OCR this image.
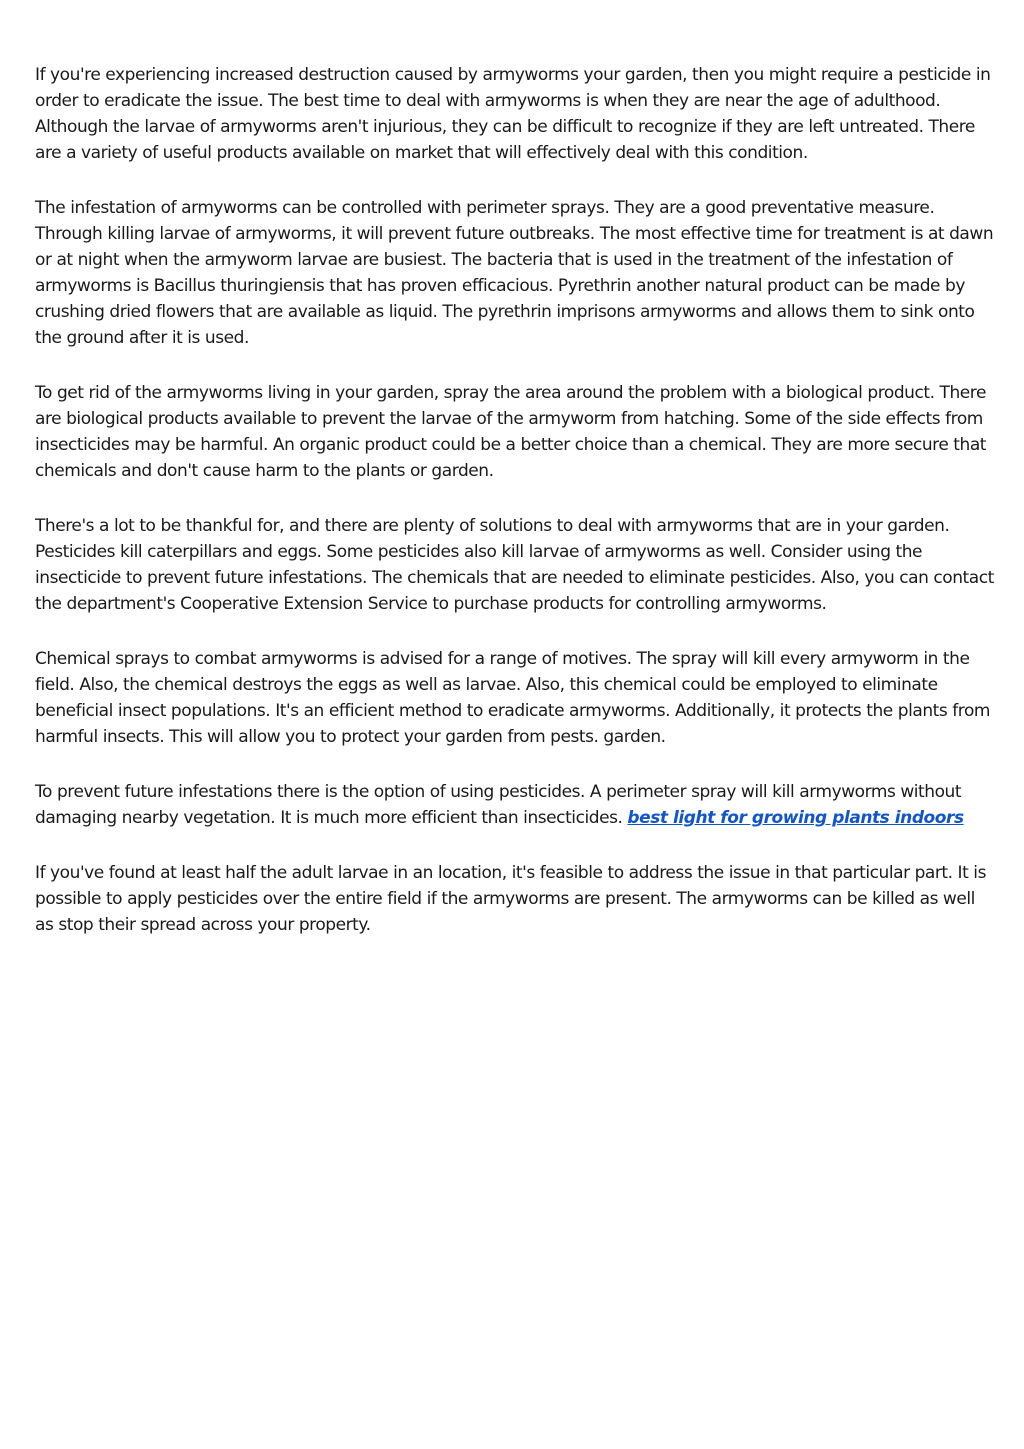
If you're experiencing increased destruction caused by armyworms your garden, then you might require a pesticide in order to eradicate the issue. The best time to deal with armyworms is when they are near the age of adulthood. Although the larvae of armyworms aren't injurious, they can be difficult to recognize if they are left untreated. There are a variety of useful products available on market that will effectively deal with this condition.

The infestation of armyworms can be controlled with perimeter sprays. They are a good preventative measure. Through killing larvae of armyworms, it will prevent future outbreaks. The most effective time for treatment is at dawn or at night when the armyworm larvae are busiest. The bacteria that is used in the treatment of the infestation of armyworms is Bacillus thuringiensis that has proven efficacious. Pyrethrin another natural product can be made by crushing dried flowers that are available as liquid. The pyrethrin imprisons armyworms and allows them to sink onto the ground after it is used.

To get rid of the armyworms living in your garden, spray the area around the problem with a biological product. There are biological products available to prevent the larvae of the armyworm from hatching. Some of the side effects from insecticides may be harmful. An organic product could be a better choice than a chemical. They are more secure that chemicals and don't cause harm to the plants or garden.

There's a lot to be thankful for, and there are plenty of solutions to deal with armyworms that are in your garden. Pesticides kill caterpillars and eggs. Some pesticides also kill larvae of armyworms as well. Consider using the insecticide to prevent future infestations. The chemicals that are needed to eliminate pesticides. Also, you can contact the department's Cooperative Extension Service to purchase products for controlling armyworms.

Chemical sprays to combat armyworms is advised for a range of motives. The spray will kill every armyworm in the field. Also, the chemical destroys the eggs as well as larvae. Also, this chemical could be employed to eliminate beneficial insect populations. It's an efficient method to eradicate armyworms. Additionally, it protects the plants from harmful insects. This will allow you to protect your garden from pests. garden.

To prevent future infestations there is the option of using pesticides. A perimeter spray will kill armyworms without damaging nearby vegetation. It is much more efficient than insecticides. best light for growing plants indoors

If you've found at least half the adult larvae in an location, it's feasible to address the issue in that particular part. It is possible to apply pesticides over the entire field if the armyworms are present. The armyworms can be killed as well as stop their spread across your property.
